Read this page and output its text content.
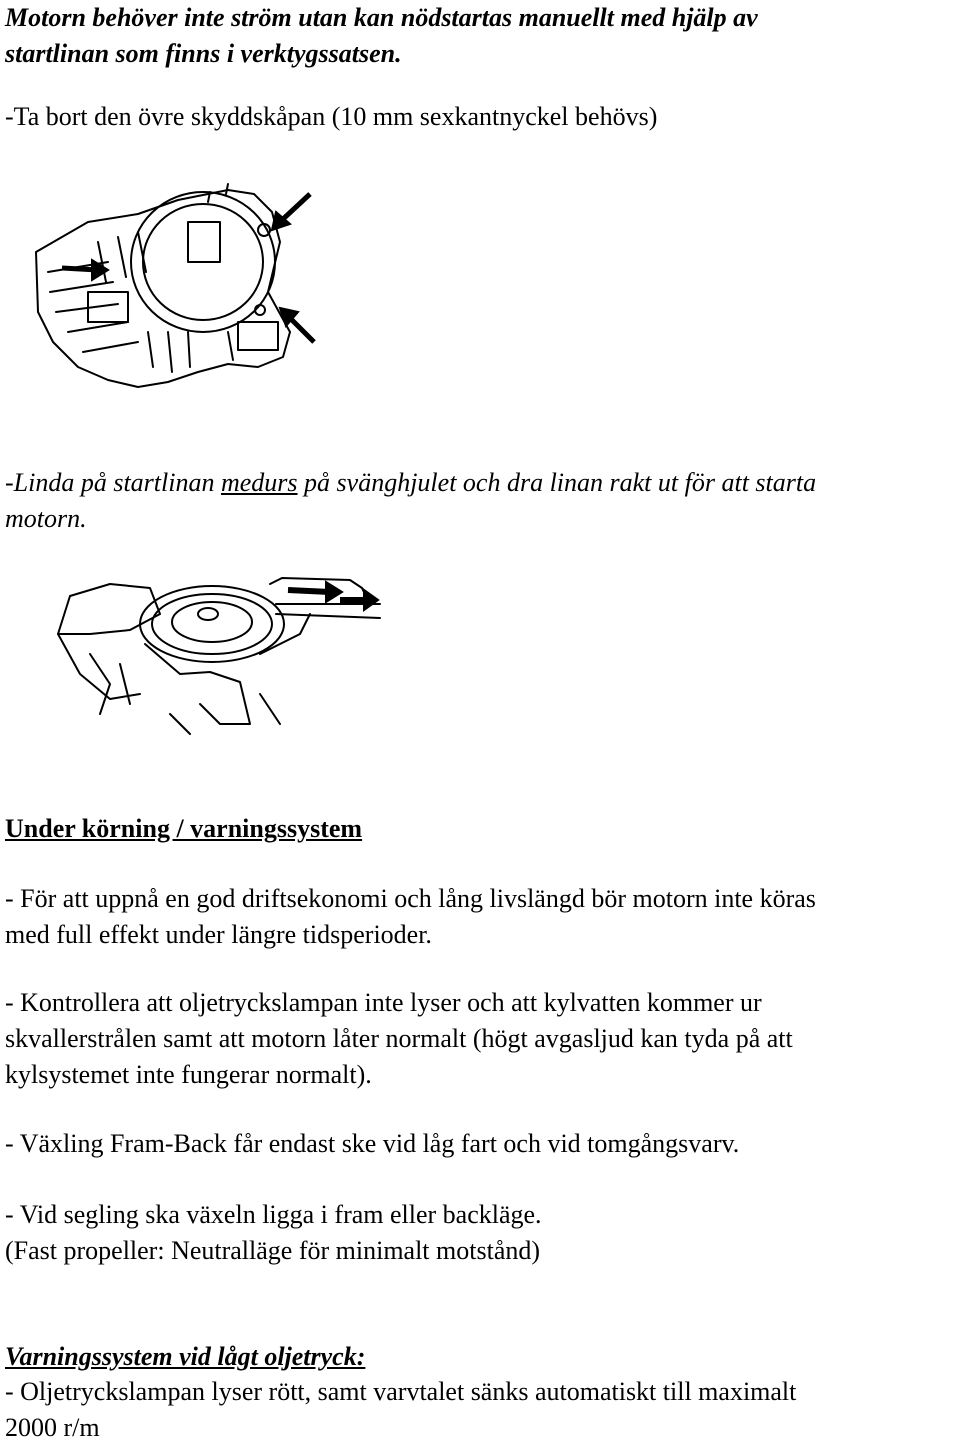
Motorn behöver inte ström utan kan nödstartas manuellt med hjälp av
startlinan som finns i verktygssatsen.
-Ta bort den övre skyddskåpan (10 mm sexkantnyckel behövs)
-Linda på startlinan medurs på svänghjulet och dra linan rakt ut för att starta
motorn.
Under körning / varningssystem
- För att uppnå en god driftsekonomi och lång livslängd bör motorn inte köras
med full effekt under längre tidsperioder.
- Kontrollera att oljetryckslampan inte lyser och att kylvatten kommer ur
skvallerstrålen samt att motorn låter normalt (högt avgasljud kan tyda på att
kylsystemet inte fungerar normalt).
- Växling Fram-Back får endast ske vid låg fart och vid tomgångsvarv.
- Vid segling ska växeln ligga i fram eller backläge.
(Fast propeller: Neutralläge för minimalt motstånd)
Varningssystem vid lågt oljetryck:
- Oljetryckslampan lyser rött, samt varvtalet sänks automatiskt till maximalt
2000 r/m
